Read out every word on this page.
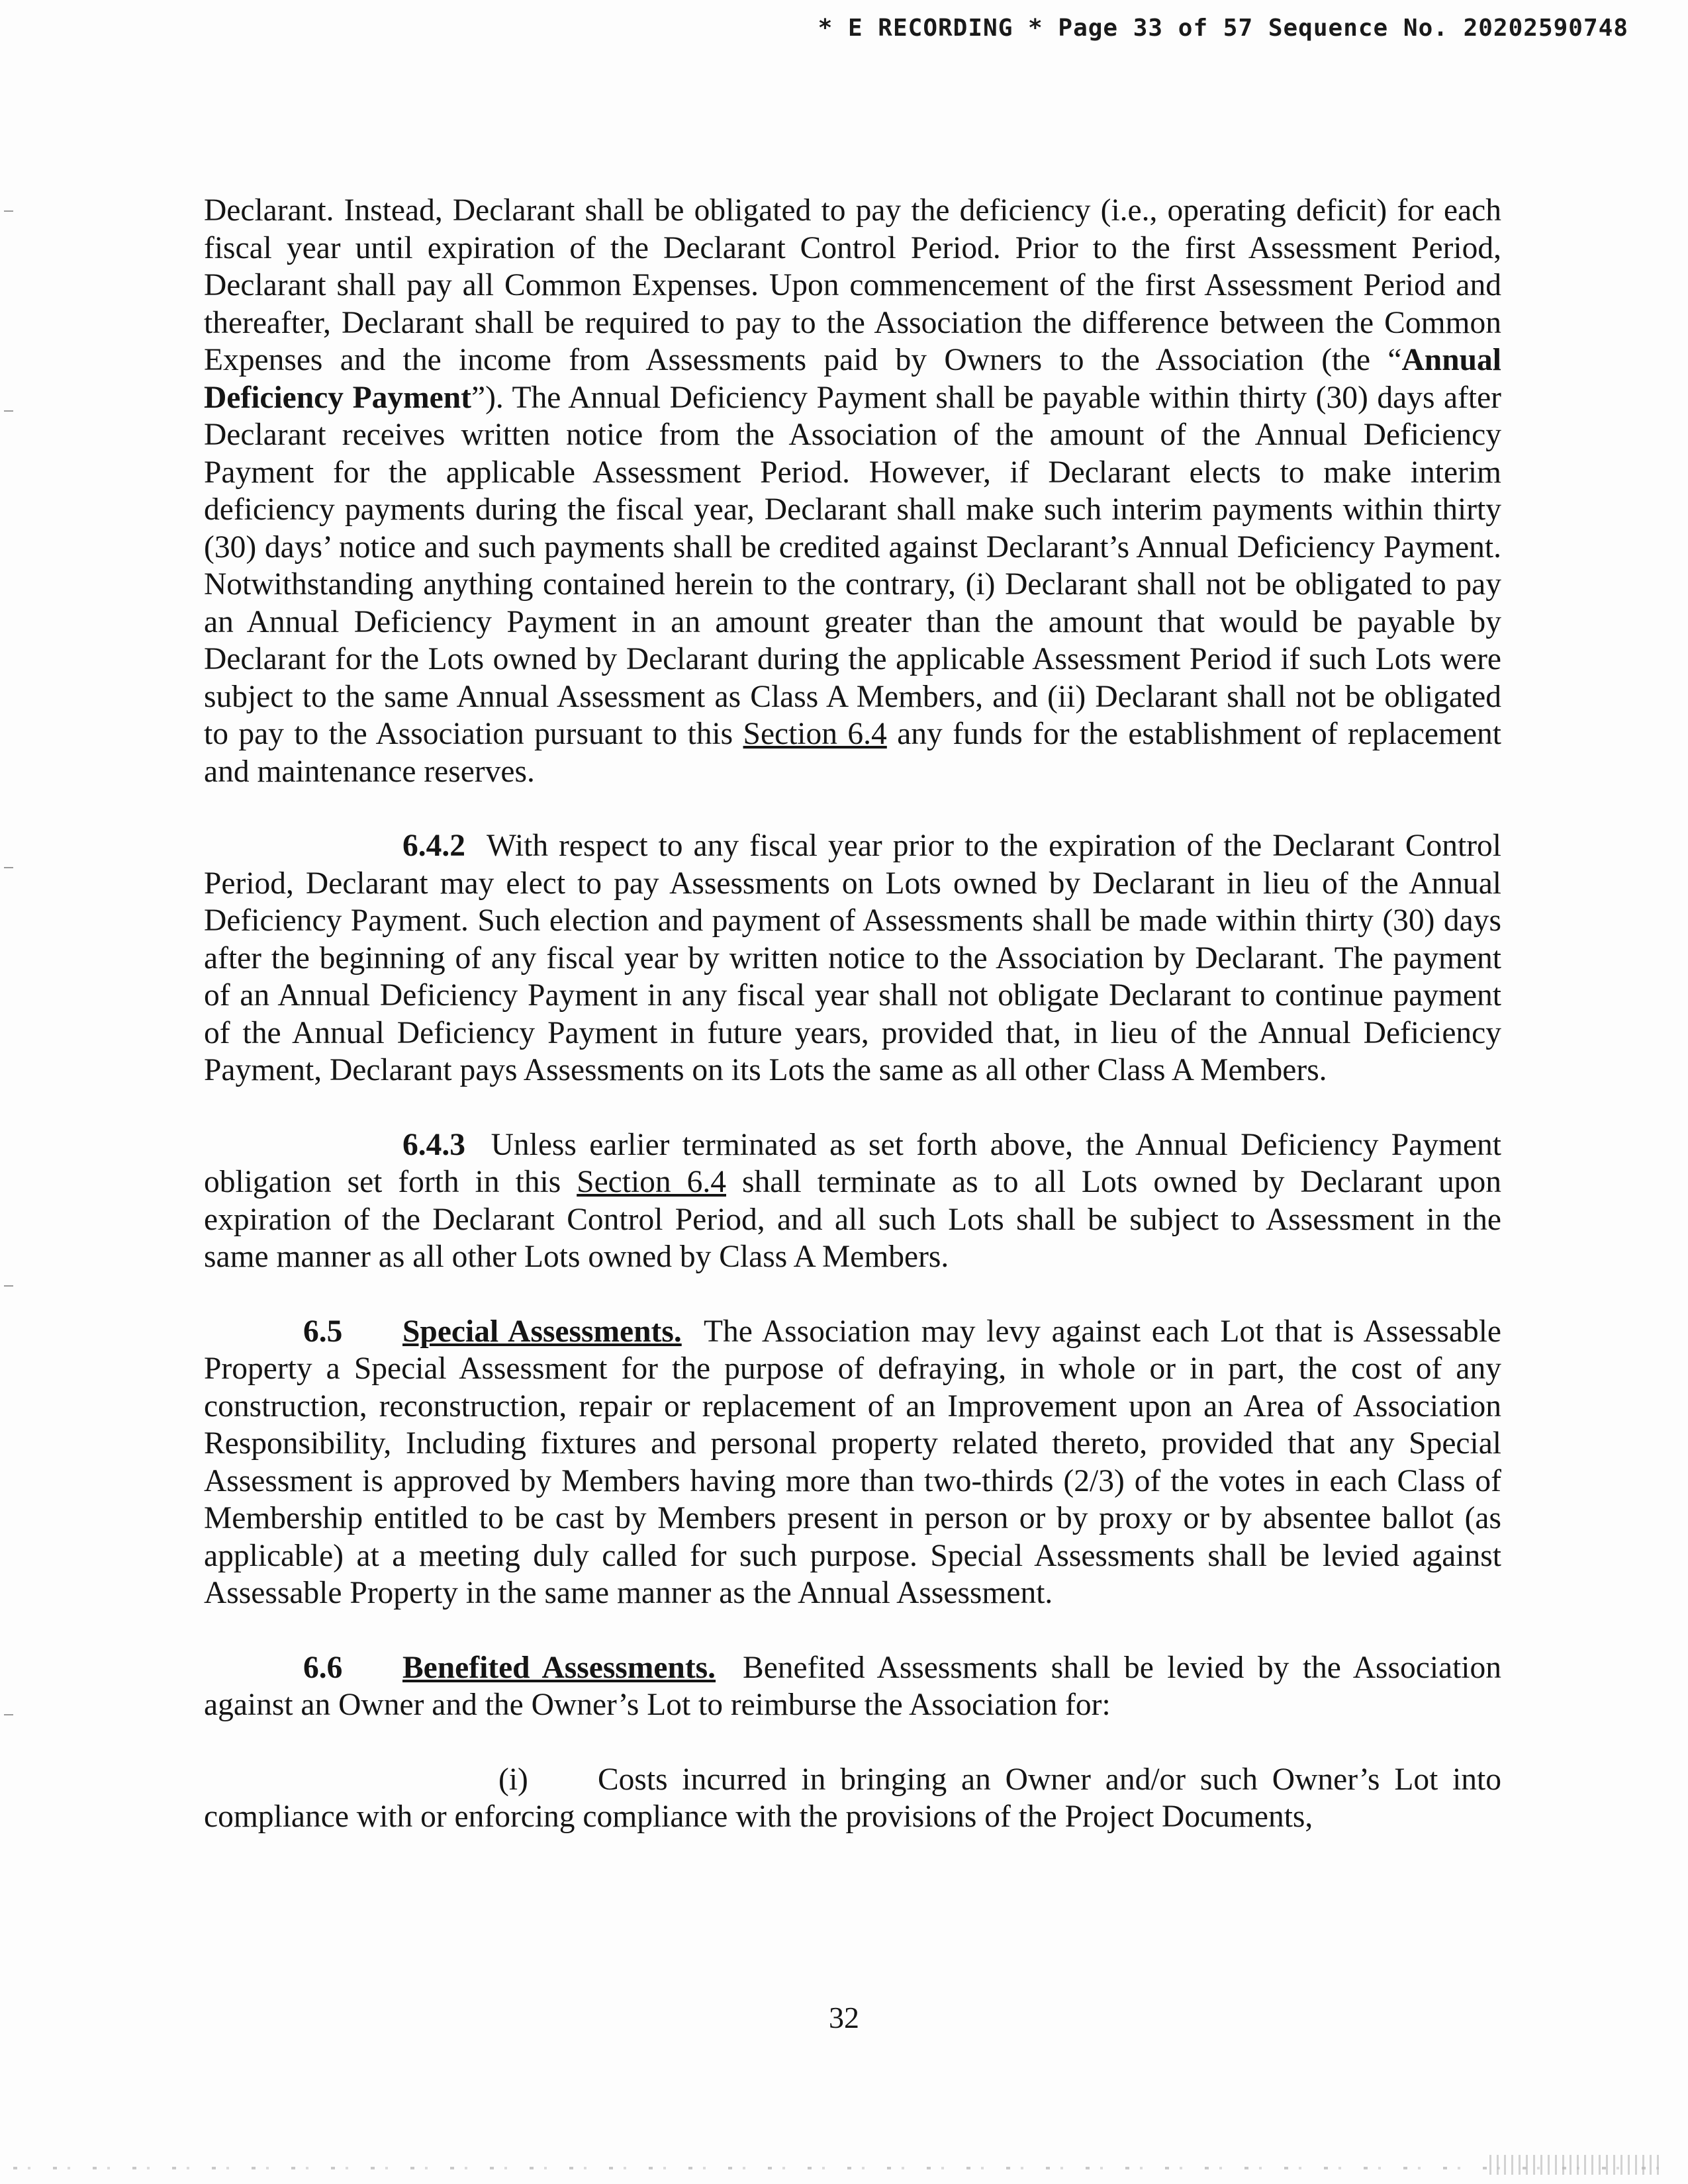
* E RECORDING * Page 33 of 57 Sequence No. 20202590748

Declarant. Instead, Declarant shall be obligated to pay the deficiency (i.e., operating deficit) for each fiscal year until expiration of the Declarant Control Period. Prior to the first Assessment Period, Declarant shall pay all Common Expenses. Upon commencement of the first Assessment Period and thereafter, Declarant shall be required to pay to the Association the difference between the Common Expenses and the income from Assessments paid by Owners to the Association (the “Annual Deficiency Payment”). The Annual Deficiency Payment shall be payable within thirty (30) days after Declarant receives written notice from the Association of the amount of the Annual Deficiency Payment for the applicable Assessment Period. However, if Declarant elects to make interim deficiency payments during the fiscal year, Declarant shall make such interim payments within thirty (30) days’ notice and such payments shall be credited against Declarant’s Annual Deficiency Payment. Notwithstanding anything contained herein to the contrary, (i) Declarant shall not be obligated to pay an Annual Deficiency Payment in an amount greater than the amount that would be payable by Declarant for the Lots owned by Declarant during the applicable Assessment Period if such Lots were subject to the same Annual Assessment as Class A Members, and (ii) Declarant shall not be obligated to pay to the Association pursuant to this Section 6.4 any funds for the establishment of replacement and maintenance reserves.

6.4.2 With respect to any fiscal year prior to the expiration of the Declarant Control Period, Declarant may elect to pay Assessments on Lots owned by Declarant in lieu of the Annual Deficiency Payment. Such election and payment of Assessments shall be made within thirty (30) days after the beginning of any fiscal year by written notice to the Association by Declarant. The payment of an Annual Deficiency Payment in any fiscal year shall not obligate Declarant to continue payment of the Annual Deficiency Payment in future years, provided that, in lieu of the Annual Deficiency Payment, Declarant pays Assessments on its Lots the same as all other Class A Members.

6.4.3 Unless earlier terminated as set forth above, the Annual Deficiency Payment obligation set forth in this Section 6.4 shall terminate as to all Lots owned by Declarant upon expiration of the Declarant Control Period, and all such Lots shall be subject to Assessment in the same manner as all other Lots owned by Class A Members.

6.5 Special Assessments. The Association may levy against each Lot that is Assessable Property a Special Assessment for the purpose of defraying, in whole or in part, the cost of any construction, reconstruction, repair or replacement of an Improvement upon an Area of Association Responsibility, Including fixtures and personal property related thereto, provided that any Special Assessment is approved by Members having more than two-thirds (2/3) of the votes in each Class of Membership entitled to be cast by Members present in person or by proxy or by absentee ballot (as applicable) at a meeting duly called for such purpose. Special Assessments shall be levied against Assessable Property in the same manner as the Annual Assessment.

6.6 Benefited Assessments. Benefited Assessments shall be levied by the Association against an Owner and the Owner’s Lot to reimburse the Association for:

(i) Costs incurred in bringing an Owner and/or such Owner’s Lot into compliance with or enforcing compliance with the provisions of the Project Documents,

32
